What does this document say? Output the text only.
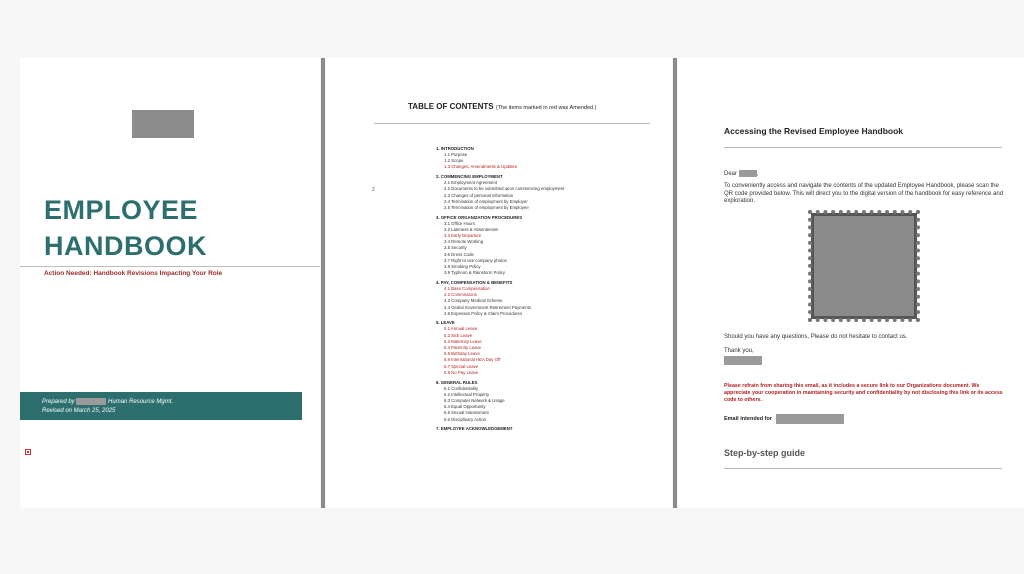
EMPLOYEE
HANDBOOK
Action Needed: Handbook Revisions Impacting Your Role
Prepared by	Human Resource Mgmt.
Revised on March 25, 2025
TABLE OF CONTENTS (The items marked in red was Amended.)
2
1. INTRODUCTION
1.1 Purpose
1.2 Scope
1.3 Changes, Amendments & Updates
2. COMMENCING EMPLOYMENT
2.1 Employment Agreement
2.2 Documents to be submitted upon commencing employment
2.3 Changes of personal information
2.4 Termination of employment by Employer
2.5 Termination of employment by Employee
3. OFFICE ORGANIZATION PROCEDURES
3.1 Office Hours
3.2 Lateness & Absenteeism
3.3 Early Departure
3.4 Remote Working
3.5 Security
3.6 Dress Code
3.7 Right to use company photos
3.8 Smoking Policy
3.9 Typhoon & Rainstorm Policy
4. PAY, COMPENSATION & BENEFITS
4.1 Base Compensation
4.2 Commissions
4.3 Company Medical Scheme
4.4 Global Government Retirement Payments
4.5 Expenses Policy & Claim Procedures
5. LEAVE
5.1 Annual Leave
5.2 Sick Leave
5.3 Maternity Leave
5.4 Paternity Leave
5.5 Birthday Leave
5.6 International HEA Day Off
5.7 Special Leave
5.8 No Pay Leave
6. GENERAL RULES
6.1 Confidentiality
6.2 Intellectual Property
6.3 Computer Network & Usage
6.4 Equal Opportunity
6.5 Sexual Harassment
6.6 Disciplinary Action
7. EMPLOYEE ACKNOWLEDGEMENT
Accessing the Revised Employee Handbook
Dear	,
To conveniently access and navigate the contents of the updated Employee Handbook, please scan the QR code provided below. This will direct you to the digital version of the handbook for easy reference and exploration.
Should you have any questions, Please do not hesitate to contact us.
Thank you,
Please refrain from sharing this email, as it includes a secure link to our Organizations document. We appreciate your cooperation in maintaining security and confidentiality by not disclosing this link or its access code to others.
Email intended for
Step-by-step guide
